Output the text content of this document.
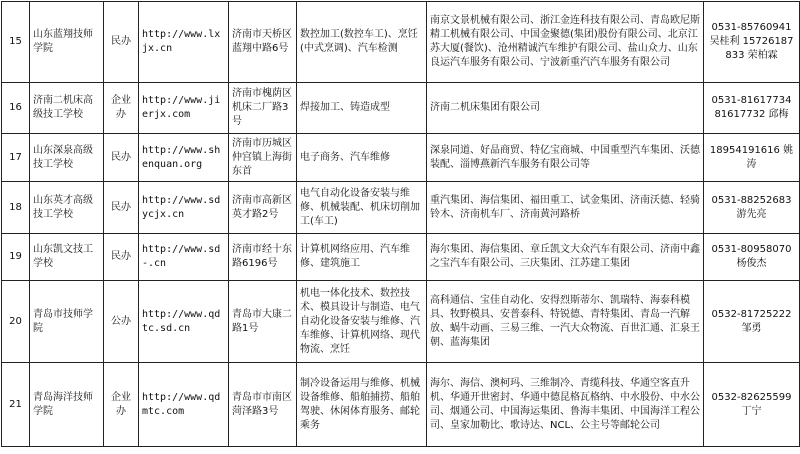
15	山东蓝翔技师学院	民办	http://www.lxjx.cn	济南市天桥区蓝翔中路6号	数控加工(数控车工)、烹饪(中式烹调)、汽车检测	南京文景机械有限公司、浙江金连科技有限公司、青岛欧尼斯精工机械有限公司、中国金聚德(集团)股份有限公司、北京江苏大厦(餐饮)、沧州精诚汽车维护有限公司、盐山众力、山东良运汽车服务有限公司、宁波新重汽汽车服务有限公司	0531-85760941 吴桂利 15726187833 荣柏霖
16	济南二机床高级技工学校	企业办	http://www.jierjx.com	济南市槐荫区机床二厂路3号	焊接加工、铸造成型	济南二机床集团有限公司	0531-81617734 81617732 邱梅
17	山东深泉高级技工学校	民办	http://www.shenquan.org	济南市历城区仲宫镇上海街东首	电子商务、汽车维修	深泉同道、好品商贸、特亿宝商城、中国重型汽车集团、沃德装配、淄博燕新汽车服务有限公司等	18954191616 姚涛
18	山东英才高级技工学校	民办	http://www.sdycjx.cn	济南市高新区英才路2号	电气自动化设备安装与维修、机械装配、机床切削加工(车工)	重汽集团、海信集团、福田重工、试金集团、济南沃德、轻骑铃木、济南机车厂、济南黄河路桥	0531-88252683 游先亮
19	山东凯文技工学校	民办	http://www.sd-.cn	济南市经十东路6196号	计算机网络应用、汽车维修、建筑施工	海尔集团、海信集团、章丘凯文大众汽车有限公司、济南中鑫之宝汽车有限公司、三庆集团、江苏建工集团	0531-80958070 杨俊杰
20	青岛市技师学院	公办	http://www.qdtc.sd.cn	青岛市大康二路1号	机电一体化技术、数控技术、模具设计与制造、电气自动化设备安装与维修、汽车维修、计算机网络、现代物流、烹饪	高科通信、宝佳自动化、安得烈斯蒂尔、凯瑞特、海泰科模具、牧野模具、安普泰科、特锐德、青特集团、青岛一汽解放、蜗牛动画、三易三维、一汽大众物流、百世汇通、汇泉王朝、蓝海集团	0532-81725222 邹勇
21	青岛海洋技师学院	企业办	http://www.qdmtc.com	青岛市市南区菏泽路3号	制冷设备运用与维修、机械设备维修、船舶捕捞、船舶驾驶、休闲体育服务、邮轮乘务	海尔、海信、澳柯玛、三维制冷、青缆科技、华通空客直升机、华通开世密封、华通中德昆格瓦格纳、中水股份、中水公司、烟通公司、中国海运集团、鲁海丰集团、中国海洋工程公司、皇家加勒比、歌诗达、NCL、公主号等邮轮公司	0532-82625599 丁宁
